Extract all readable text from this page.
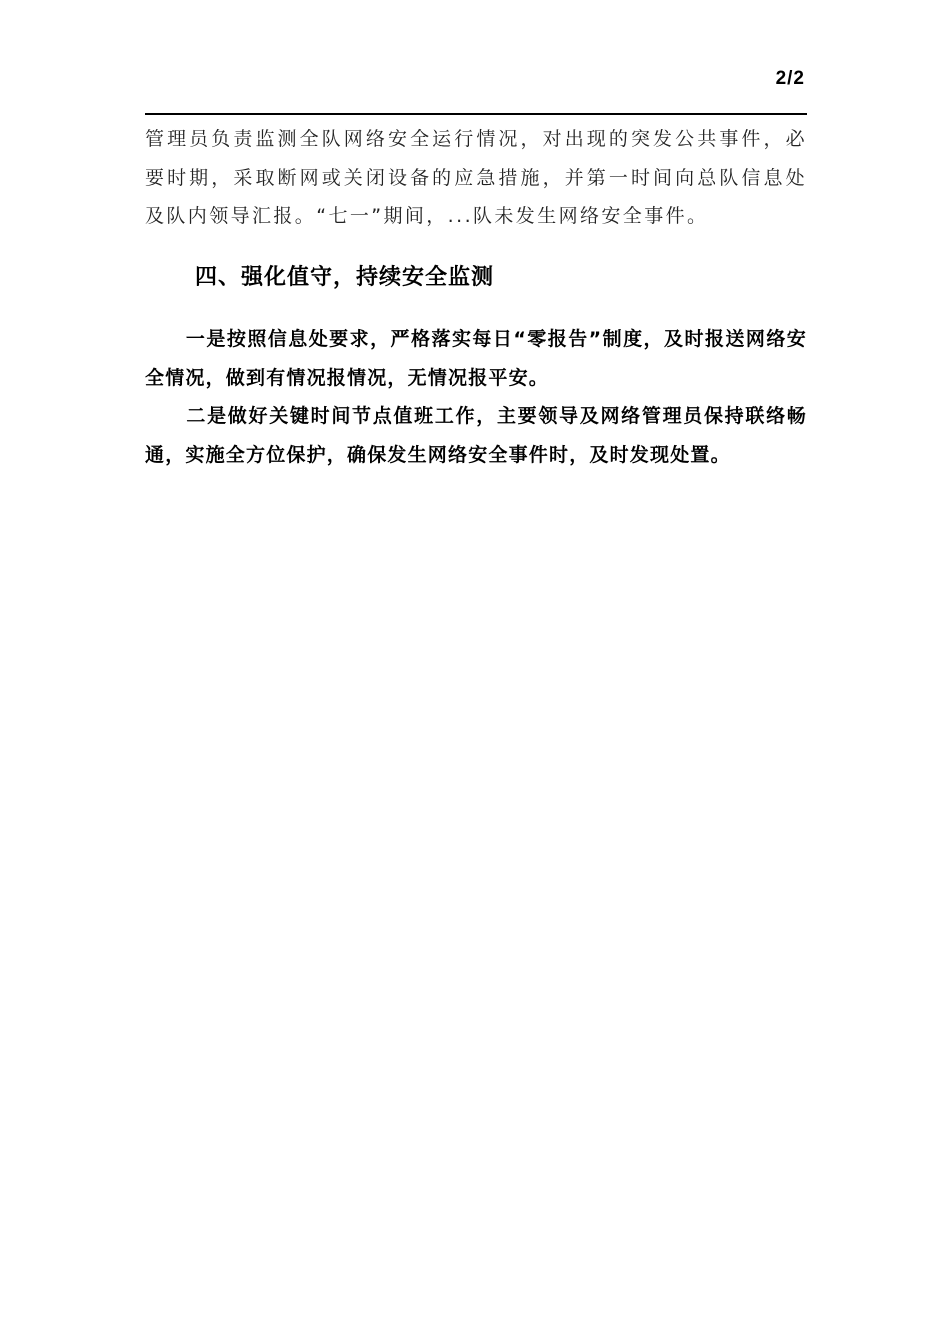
2/2

管理员负责监测全队网络安全运行情况，对出现的突发公共事件，必要时期，采取断网或关闭设备的应急措施，并第一时间向总队信息处及队内领导汇报。“七一”期间，...队未发生网络安全事件。

四、强化值守，持续安全监测

　　一是按照信息处要求，严格落实每日“零报告”制度，及时报送网络安全情况，做到有情况报情况，无情况报平安。

　　二是做好关键时间节点值班工作，主要领导及网络管理员保持联络畅通，实施全方位保护，确保发生网络安全事件时，及时发现处置。
